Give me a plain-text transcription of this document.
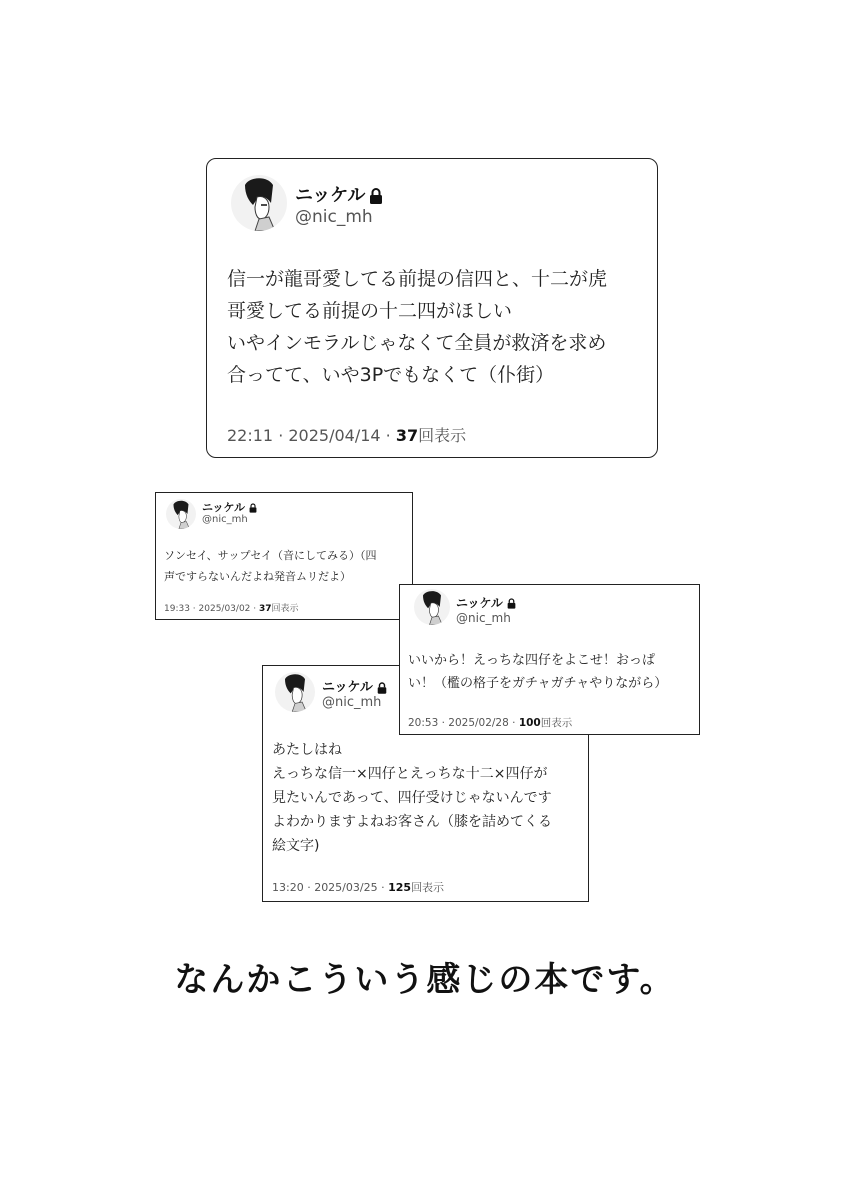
ニッケル
@nic_mh
信一が龍哥愛してる前提の信四と、十二が虎
哥愛してる前提の十二四がほしい
いやインモラルじゃなくて全員が救済を求め
合ってて、いや3Pでもなくて（仆街）
22:11 · 2025/04/14 · 37回表示
ニッケル
@nic_mh
ソンセイ、サップセイ（音にしてみる）（四
声ですらないんだよね発音ムリだよ）
19:33 · 2025/03/02 · 37回表示
ニッケル
@nic_mh
あたしはね
えっちな信一×四仔とえっちな十二×四仔が
見たいんであって、四仔受けじゃないんです
よわかりますよねお客さん（膝を詰めてくる
絵文字)
13:20 · 2025/03/25 · 125回表示
ニッケル
@nic_mh
いいから！えっちな四仔をよこせ！おっぱ
い！（檻の格子をガチャガチャやりながら）
20:53 · 2025/02/28 · 100回表示
なんかこういう感じの本です。
